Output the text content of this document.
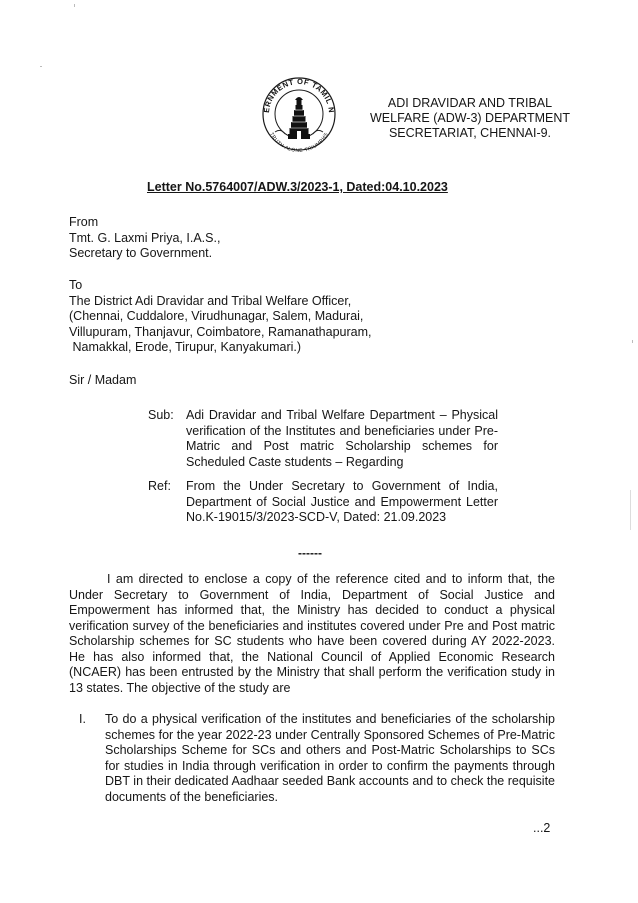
ERNMENT OF TAMIL N
TRUTH ALONE TRIUMPHS
ADI DRAVIDAR AND TRIBAL
WELFARE (ADW-3) DEPARTMENT
SECRETARIAT, CHENNAI-9.
Letter No.5764007/ADW.3/2023-1, Dated:04.10.2023
From
Tmt. G. Laxmi Priya, I.A.S.,
Secretary to Government.
To
The District Adi Dravidar and Tribal Welfare Officer,
(Chennai, Cuddalore, Virudhunagar, Salem, Madurai,
Villupuram, Thanjavur, Coimbatore, Ramanathapuram,
Namakkal, Erode, Tirupur, Kanyakumari.)
Sir / Madam
Sub: Adi Dravidar and Tribal Welfare Department – Physical verification of the Institutes and beneficiaries under Pre-Matric and Post matric Scholarship schemes for Scheduled Caste students – Regarding
Ref:	From the Under Secretary to Government of India, Department of Social Justice and Empowerment Letter No.K-19015/3/2023-SCD-V, Dated: 21.09.2023
------
I am directed to enclose a copy of the reference cited and to inform that, the Under Secretary to Government of India, Department of Social Justice and Empowerment has informed that, the Ministry has decided to conduct a physical verification survey of the beneficiaries and institutes covered under Pre and Post matric Scholarship schemes for SC students who have been covered during AY 2022-2023. He has also informed that, the National Council of Applied Economic Research (NCAER) has been entrusted by the Ministry that shall perform the verification study in 13 states. The objective of the study are
I. To do a physical verification of the institutes and beneficiaries of the scholarship schemes for the year 2022-23 under Centrally Sponsored Schemes of Pre-Matric Scholarships Scheme for SCs and others and Post-Matric Scholarships to SCs for studies in India through verification in order to confirm the payments through DBT in their dedicated Aadhaar seeded Bank accounts and to check the requisite documents of the beneficiaries.
...2
